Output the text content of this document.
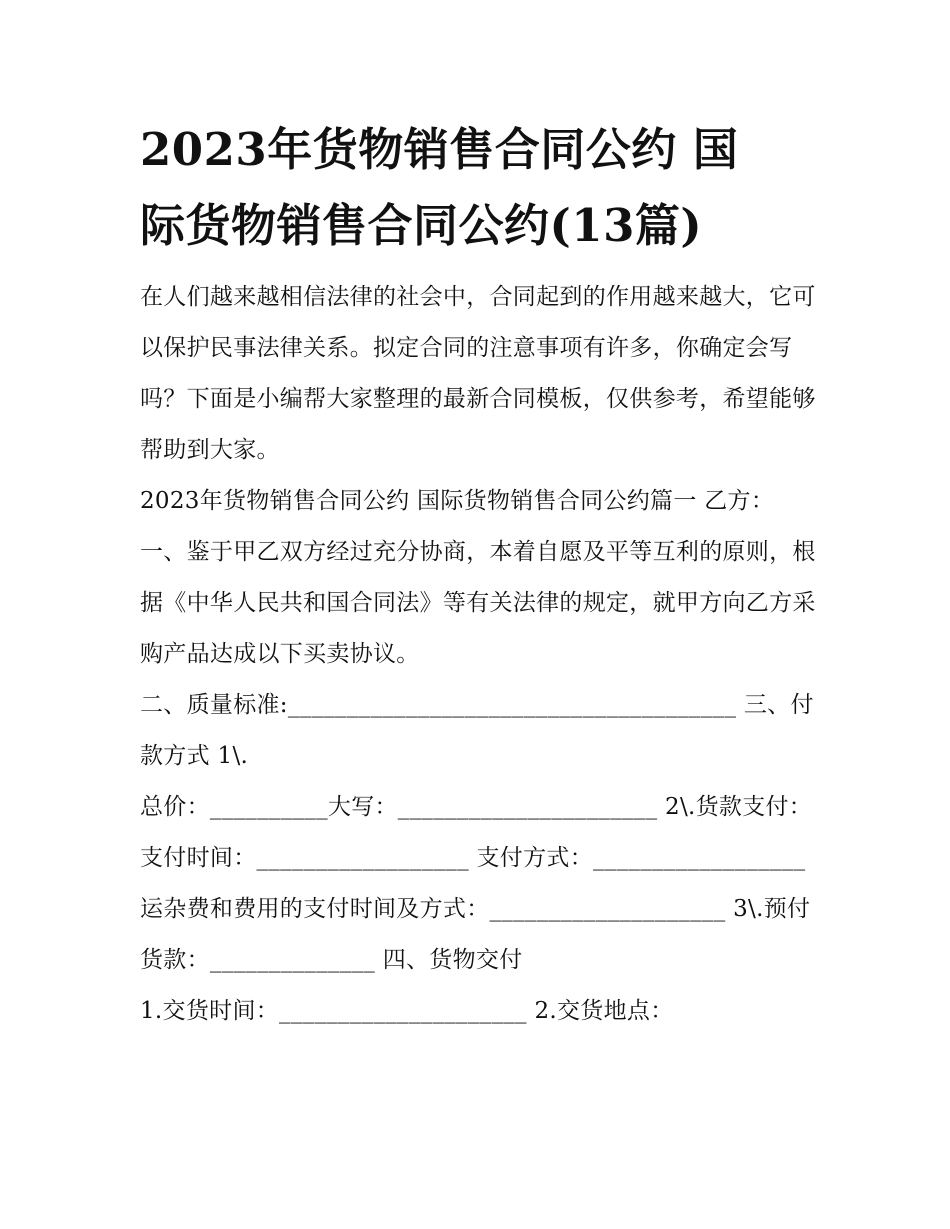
2023年货物销售合同公约 国
际货物销售合同公约(13篇)

在人们越来越相信法律的社会中，合同起到的作用越来越大，它可以保护民事法律关系。拟定合同的注意事项有许多，你确定会写吗？下面是小编帮大家整理的最新合同模板，仅供参考，希望能够帮助到大家。

2023年货物销售合同公约 国际货物销售合同公约篇一 乙方：

一、鉴于甲乙双方经过充分协商，本着自愿及平等互利的原则，根据《中华人民共和国合同法》等有关法律的规定，就甲方向乙方采购产品达成以下买卖协议。

二、质量标准:______________________________________ 三、付款方式 1\.

总价：__________大写：______________________ 2\.货款支付：

支付时间：__________________ 支付方式：__________________

运杂费和费用的支付时间及方式：____________________ 3\.预付货款：______________ 四、货物交付

1.交货时间：_____________________ 2.交货地点：
